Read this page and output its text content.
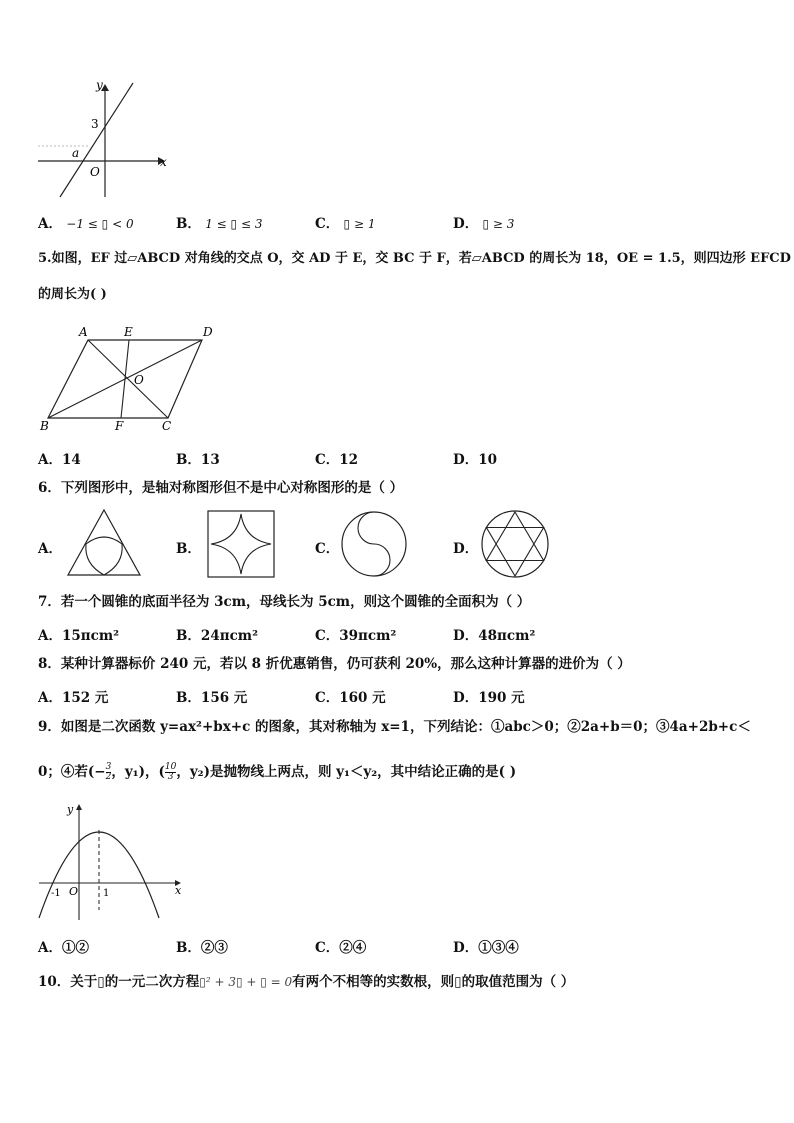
y
x
3
a
O
A． −1 ≤ ▯ < 0	B． 1 ≤ ▯ ≤ 3	C． ▯ ≥ 1	D． ▯ ≥ 3
5.如图，EF 过▱ABCD 对角线的交点 O，交 AD 于 E，交 BC 于 F，若▱ABCD 的周长为 18，OE = 1.5，则四边形 EFCD
的周长为( )
A	E	D
O
B	F	C
A．14	B．13	C．12	D．10
6．下列图形中，是轴对称图形但不是中心对称图形的是（ ）
A．	B．	C．	D．
7．若一个圆锥的底面半径为 3cm，母线长为 5cm，则这个圆锥的全面积为（ ）
A．15πcm²	B．24πcm²	C．39πcm²	D．48πcm²
8．某种计算器标价 240 元，若以 8 折优惠销售，仍可获利 20%，那么这种计算器的进价为（ ）
A．152 元	B．156 元	C．160 元	D．190 元
9．如图是二次函数 y=ax²+bx+c 的图象，其对称轴为 x=1，下列结论：①abc＞0；②2a+b＝0；③4a+2b+c＜
0；④若(− $\frac{3}{2}$ ，y₁)，( $\frac{10}{3}$ ，y₂)是抛物线上两点，则 y₁＜y₂，其中结论正确的是( )
y
x
O
-1	1
A．①②	B．②③	C．②④	D．①③④
10．关于▯的一元二次方程▯² + 3▯ + ▯ = 0有两个不相等的实数根，则▯的取值范围为（ ）
